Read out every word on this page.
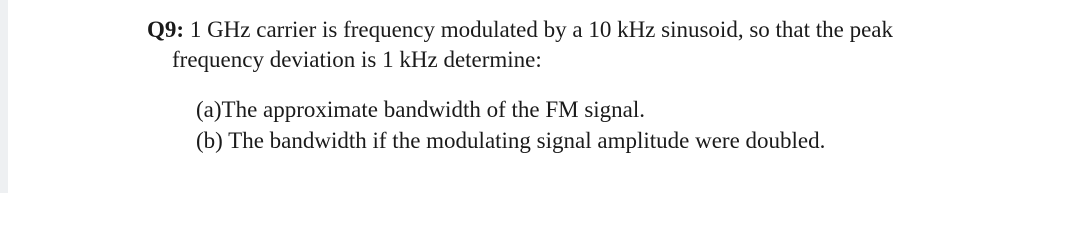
Q9: 1 GHz carrier is frequency modulated by a 10 kHz sinusoid, so that the peak

frequency deviation is 1 kHz determine:

(a)The approximate bandwidth of the FM signal.

(b) The bandwidth if the modulating signal amplitude were doubled.
